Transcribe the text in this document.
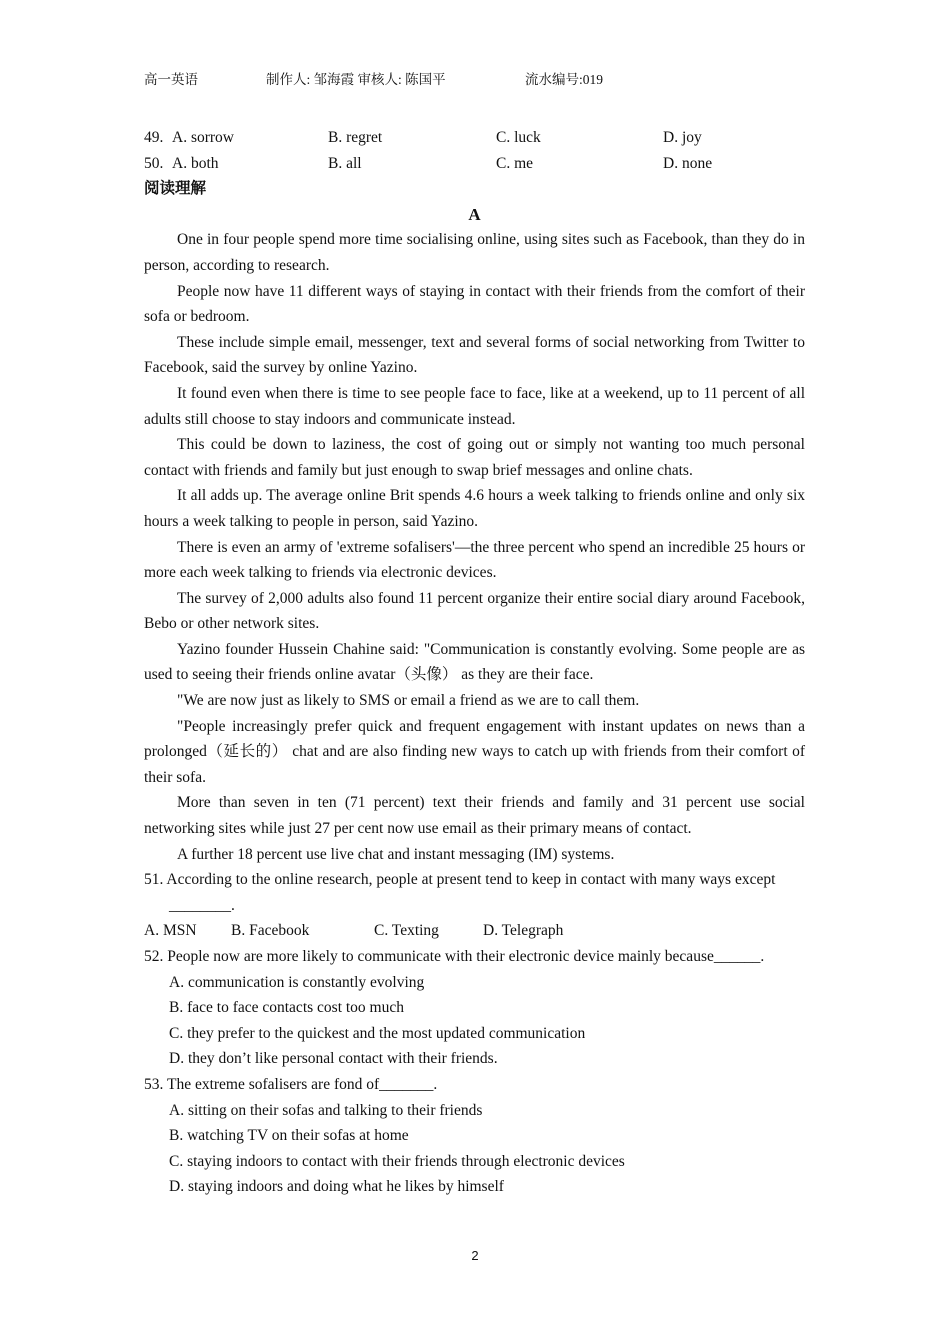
高一英语	制作人: 邹海霞 审核人: 陈国平	流水编号:019
49. A. sorrow	B. regret	C. luck	D. joy
50. A. both	B. all	C. me	D. none
阅读理解
A

One in four people spend more time socialising online, using sites such as Facebook, than they do in person, according to research.

People now have 11 different ways of staying in contact with their friends from the comfort of their sofa or bedroom.

These include simple email, messenger, text and several forms of social networking from Twitter to Facebook, said the survey by online Yazino.

It found even when there is time to see people face to face, like at a weekend, up to 11 percent of all adults still choose to stay indoors and communicate instead.

This could be down to laziness, the cost of going out or simply not wanting too much personal contact with friends and family but just enough to swap brief messages and online chats.

It all adds up. The average online Brit spends 4.6 hours a week talking to friends online and only six hours a week talking to people in person, said Yazino.

There is even an army of 'extreme sofalisers'—the three percent who spend an incredible 25 hours or more each week talking to friends via electronic devices.

The survey of 2,000 adults also found 11 percent organize their entire social diary around Facebook, Bebo or other network sites.

Yazino founder Hussein Chahine said: "Communication is constantly evolving. Some people are as used to seeing their friends online avatar（头像） as they are their face.

"We are now just as likely to SMS or email a friend as we are to call them.

"People increasingly prefer quick and frequent engagement with instant updates on news than a prolonged（延长的） chat and are also finding new ways to catch up with friends from their comfort of their sofa.

More than seven in ten (71 percent) text their friends and family and 31 percent use social networking sites while just 27 per cent now use email as their primary means of contact.

A further 18 percent use live chat and instant messaging (IM) systems.

51. According to the online research, people at present tend to keep in contact with many ways except ________.
A. MSN B. Facebook	C. Texting	D. Telegraph
52. People now are more likely to communicate with their electronic device mainly because______.
A. communication is constantly evolving
B. face to face contacts cost too much
C. they prefer to the quickest and the most updated communication
D. they don’t like personal contact with their friends.
53. The extreme sofalisers are fond of_______.
A. sitting on their sofas and talking to their friends
B. watching TV on their sofas at home
C. staying indoors to contact with their friends through electronic devices
D. staying indoors and doing what he likes by himself
2
